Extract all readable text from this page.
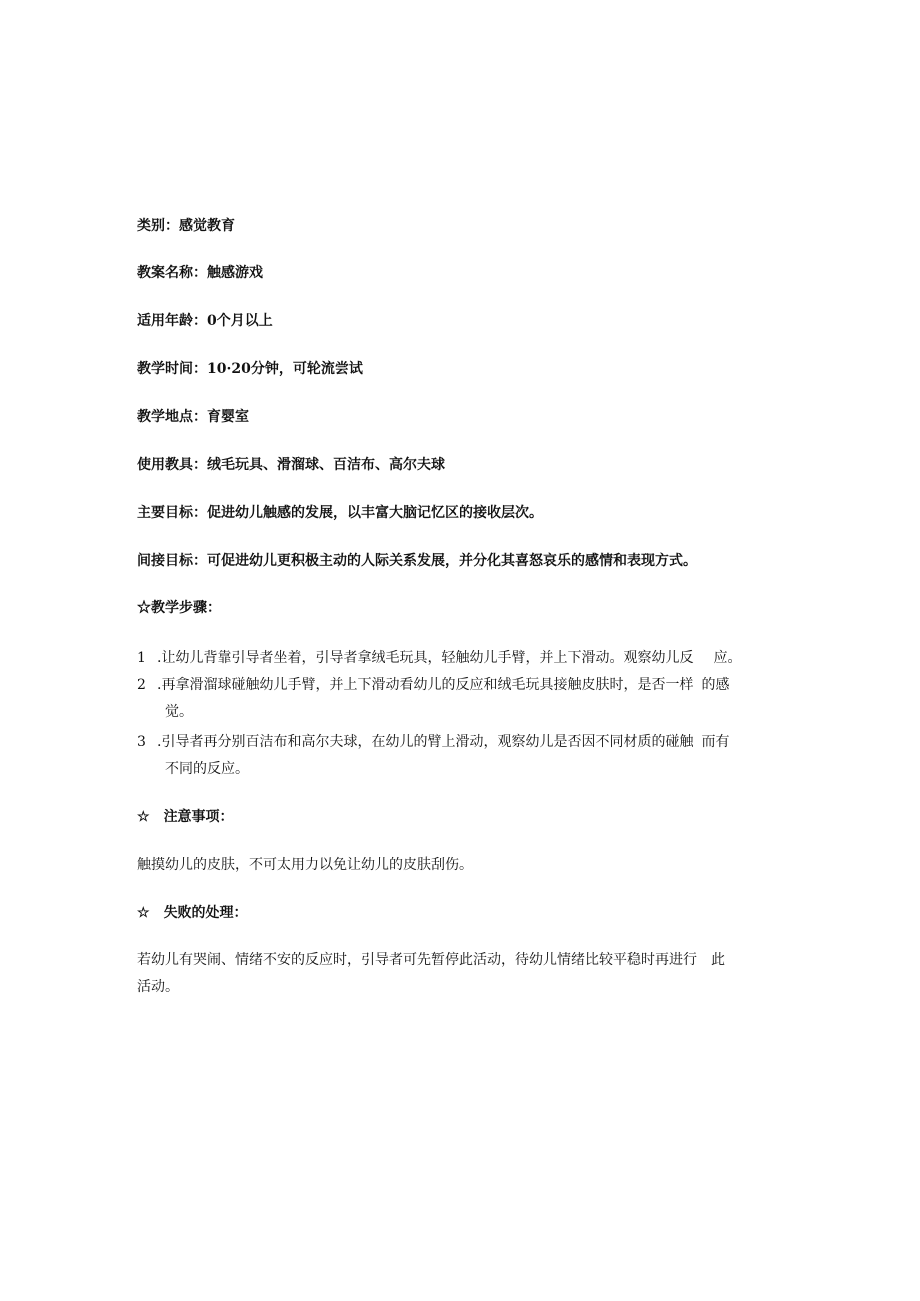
类别：感觉教育
教案名称：触感游戏
适用年龄：0个月以上
教学时间：10·20分钟，可轮流尝试
教学地点：育婴室
使用教具：绒毛玩具、滑溜球、百洁布、高尔夫球
主要目标：促进幼儿触感的发展，以丰富大脑记忆区的接收层次。
间接目标：可促进幼儿更积极主动的人际关系发展，并分化其喜怒哀乐的感情和表现方式。
☆教学步骤：
1 .让幼儿背靠引导者坐着，引导者拿绒毛玩具，轻触幼儿手臂，并上下滑动。观察幼儿反 应。
2 .再拿滑溜球碰触幼儿手臂，并上下滑动看幼儿的反应和绒毛玩具接触皮肤时，是否一样 的感
觉。
3 .引导者再分别百洁布和高尔夫球，在幼儿的臂上滑动，观察幼儿是否因不同材质的碰触 而有
不同的反应。
☆ 注意事项：
触摸幼儿的皮肤，不可太用力以免让幼儿的皮肤刮伤。
☆ 失败的处理：
若幼儿有哭闹、情绪不安的反应时，引导者可先暂停此活动，待幼儿情绪比较平稳时再进行 此
活动。
